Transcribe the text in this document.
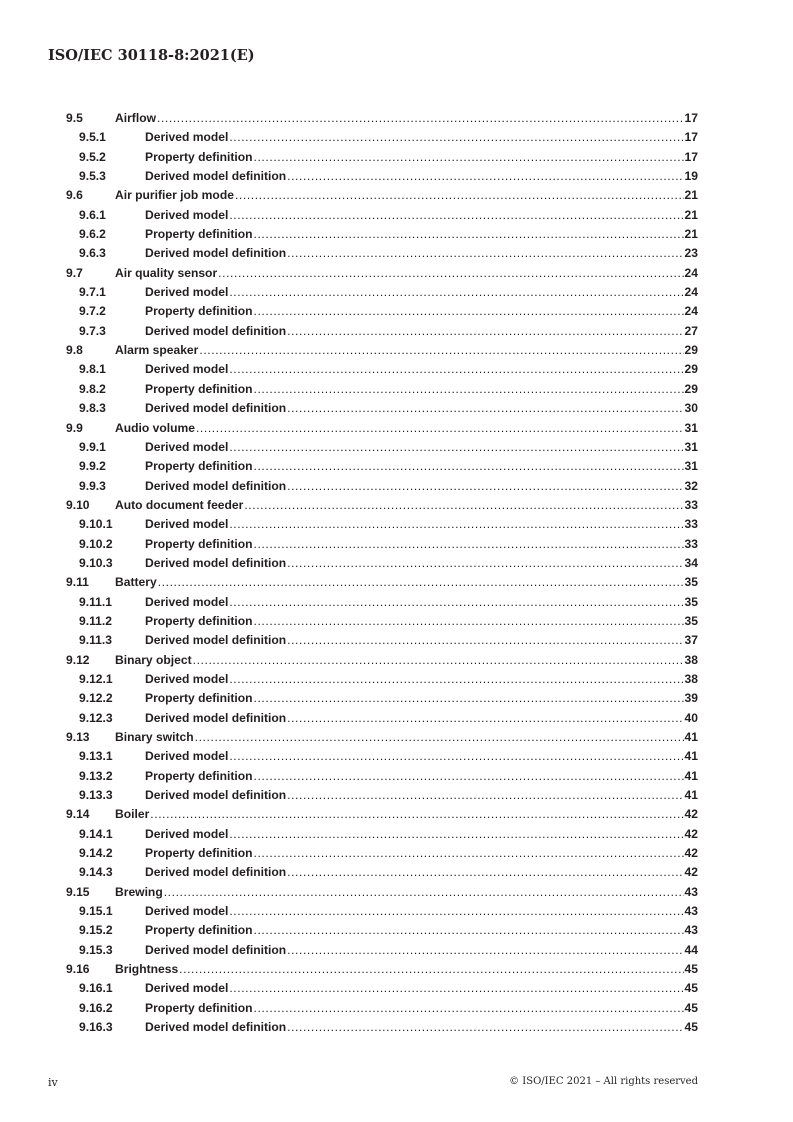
ISO/IEC 30118-8:2021(E)
9.5	Airflow .....	17
9.5.1	Derived model .....	17
9.5.2	Property definition .....	17
9.5.3	Derived model definition .....	19
9.6	Air purifier job mode .....	21
9.6.1	Derived model .....	21
9.6.2	Property definition .....	21
9.6.3	Derived model definition .....	23
9.7	Air quality sensor .....	24
9.7.1	Derived model .....	24
9.7.2	Property definition .....	24
9.7.3	Derived model definition .....	27
9.8	Alarm speaker .....	29
9.8.1	Derived model .....	29
9.8.2	Property definition .....	29
9.8.3	Derived model definition .....	30
9.9	Audio volume .....	31
9.9.1	Derived model .....	31
9.9.2	Property definition .....	31
9.9.3	Derived model definition .....	32
9.10 Auto document feeder .....	33
9.10.1	Derived model .....	33
9.10.2	Property definition .....	33
9.10.3	Derived model definition .....	34
9.11 Battery .....	35
9.11.1	Derived model .....	35
9.11.2	Property definition .....	35
9.11.3	Derived model definition .....	37
9.12 Binary object .....	38
9.12.1	Derived model .....	38
9.12.2	Property definition .....	39
9.12.3	Derived model definition .....	40
9.13 Binary switch .....	41
9.13.1	Derived model .....	41
9.13.2	Property definition .....	41
9.13.3	Derived model definition .....	41
9.14 Boiler .....	42
9.14.1	Derived model .....	42
9.14.2	Property definition .....	42
9.14.3	Derived model definition .....	42
9.15 Brewing .....	43
9.15.1	Derived model .....	43
9.15.2	Property definition .....	43
9.15.3	Derived model definition .....	44
9.16 Brightness .....	45
9.16.1	Derived model .....	45
9.16.2	Property definition .....	45
9.16.3	Derived model definition .....	45
iv	© ISO/IEC 2021 – All rights reserved
